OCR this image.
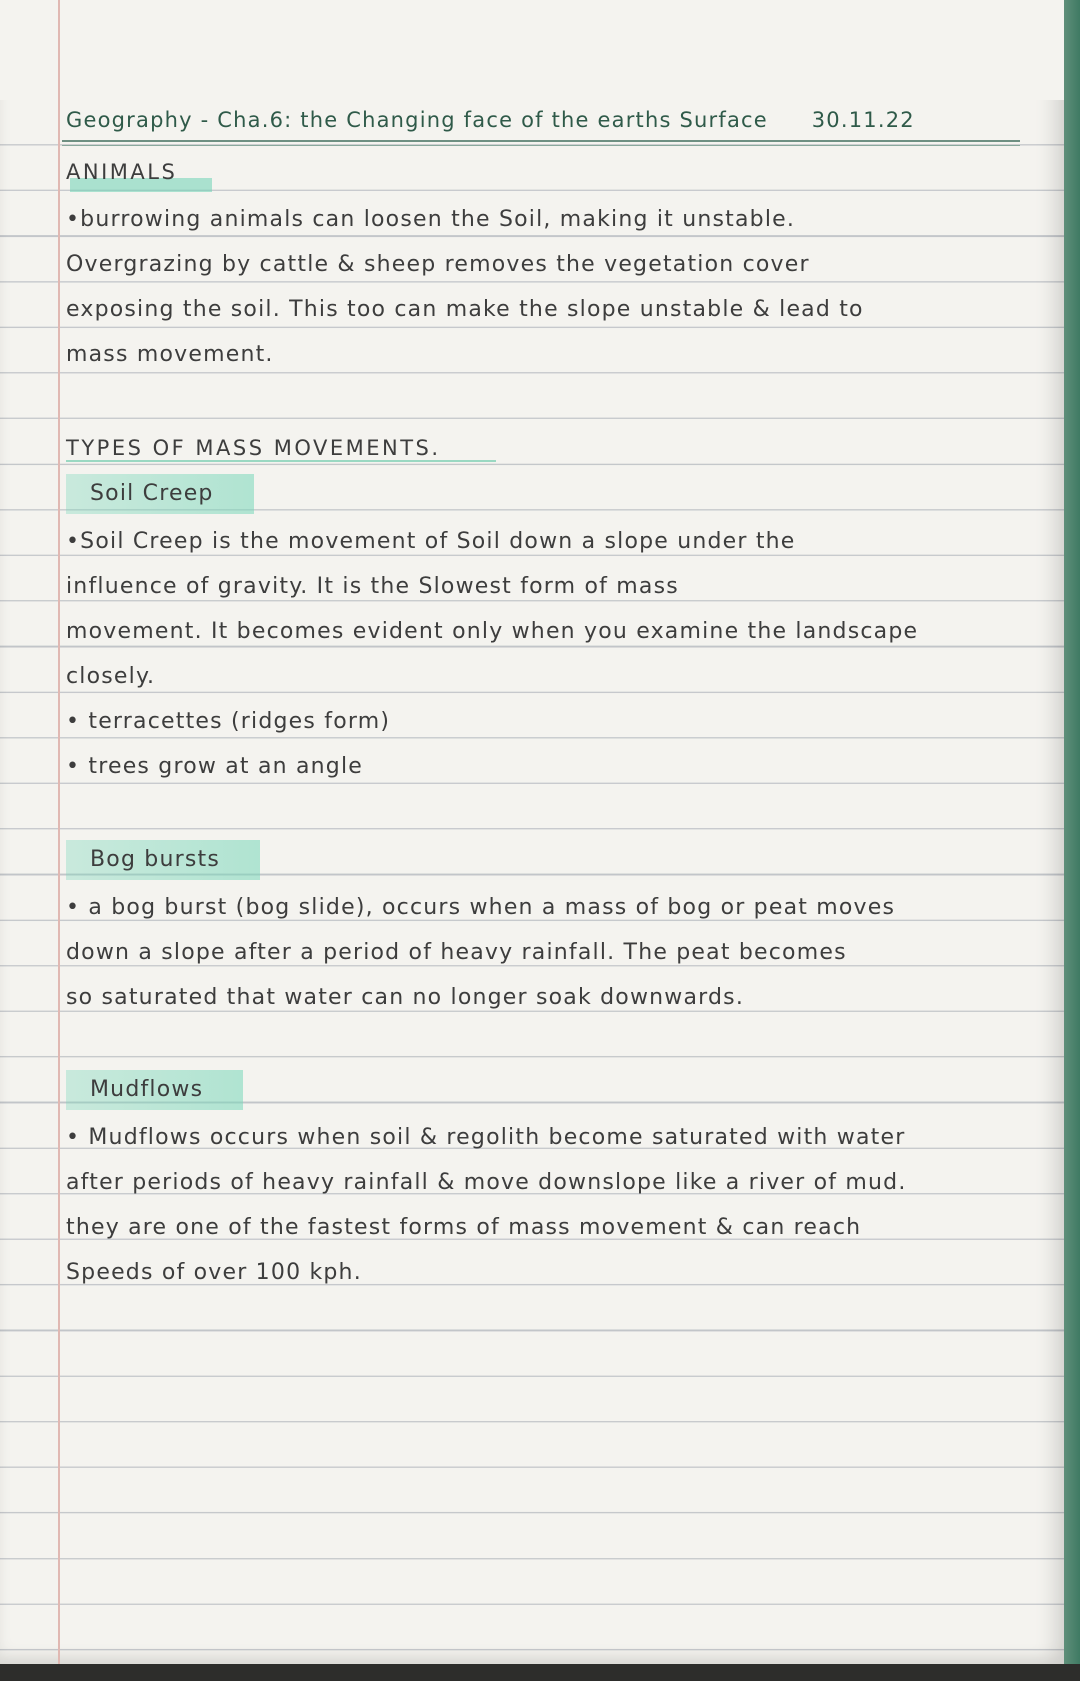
Geography - Cha.6: the Changing face of the earths Surface 30.11.22
ANIMALS
•burrowing animals can loosen the Soil, making it unstable.
Overgrazing by cattle & sheep removes the vegetation cover
exposing the soil. This too can make the slope unstable & lead to
mass movement.
TYPES OF MASS MOVEMENTS.
Soil Creep
•Soil Creep is the movement of Soil down a slope under the
influence of gravity. It is the Slowest form of mass
movement. It becomes evident only when you examine the landscape
closely.
• terracettes (ridges form)
• trees grow at an angle
Bog bursts
• a bog burst (bog slide), occurs when a mass of bog or peat moves
down a slope after a period of heavy rainfall. The peat becomes
so saturated that water can no longer soak downwards.
Mudflows
• Mudflows occurs when soil & regolith become saturated with water
after periods of heavy rainfall & move downslope like a river of mud.
they are one of the fastest forms of mass movement & can reach
Speeds of over 100 kph.
